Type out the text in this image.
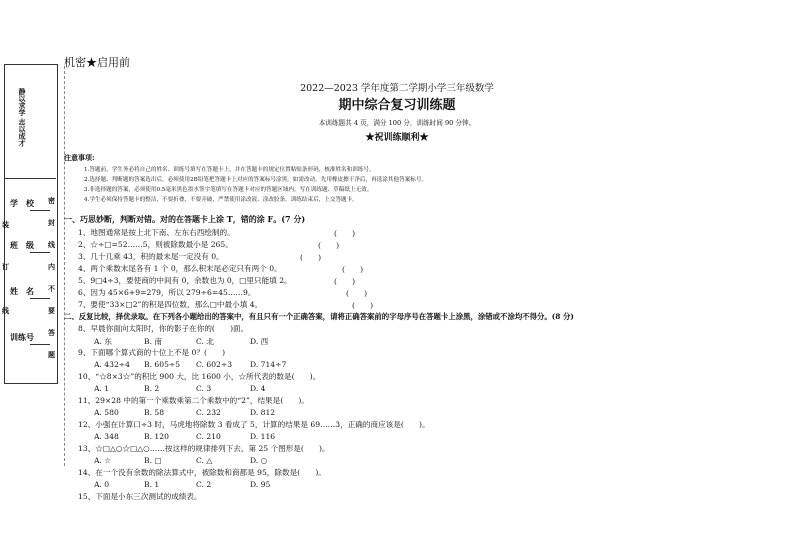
静以求学 志以成才
学　校
班　级
姓　名
训练号
装
订
线
密
封
线
内
不
要
答
题
机密★启用前
2022—2023 学年度第二学期小学三年级数学
期中综合复习训练题
本训练题共 4 页，满分 100 分，训练时间 90 分钟。
★祝训练顺利★
注意事项:
1.答题前，学生务必将自己的姓名、训练号填写在答题卡上，并在答题卡的规定位置粘贴条形码，核准姓名和训练号。
2.选择题、判断题的答案选出后，必须使用2B铅笔把答题卡上对应的答案标号涂黑。如需改动，先用橡皮擦干净后，再选涂其他答案标号。
3.非选择题的答案，必须使用0.5毫米黑色墨水签字笔填写在答题卡对应的答题区域内，写在训练题、草稿纸上无效。
4.学生必须保持答题卡的整洁，不要折叠、不要弄破，严禁使用涂改液、涂改胶条。训练结束后，上交答题卡。
一、巧思妙断，判断对错。对的在答题卡上涂 T，错的涂 F。(7 分)
1、地图通常是按上北下南、左东右西绘制的。	(　　)
2、☆÷□=52……5，则被除数最小是 265。	(　　)
3、几十几乘 43，积的最末尾一定没有 0。	(　　)
4、两个乘数末尾各有 1 个 0，那么积末尾必定只有两个 0。	(　　)
5、9□4÷3，要使商的中间有 0，余数也为 0，□里只能填 2。	(　　)
6、因为 45×6+9=279，所以 279÷6=45……9。	(　　)
7、要使“33×□2”的积是四位数，那么□中最小填 4。	(　　)
二、反复比较，择优录取。在下列各小题给出的答案中，有且只有一个正确答案，请将正确答案前的字母序号在答题卡上涂黑，涂错或不涂均不得分。(8 分)
8、早晨你面向太阳时，你的影子在你的(　　)面。
A. 东	B. 南	C. 北	D. 西
9、下面哪个算式商的十位上不是 0？(　　)
A. 432÷4 B. 605÷5 C. 602÷3 D. 714÷7
10、“☆8×3☆”的积比 900 大，比 1600 小，☆所代表的数是(　　)。
A. 1	B. 2	C. 3	D. 4
11、29×28 中的第一个乘数乘第二个乘数中的“2”，结果是(　　)。
A. 580	B. 58	C. 232	D. 812
12、小强在计算口÷3 时，马虎地将除数 3 看成了 5，计算的结果是 69……3，正确的商应该是(　　)。
A. 348	B. 120	C. 210	D. 116
13、☆□△○☆□△○……按这样的规律排列下去，第 25 个图形是(　　)。
A. ☆	B. □	C. △	D. ○
14、在一个没有余数的除法算式中，被除数和商都是 95，除数是(　　)。
A. 0	B. 1	C. 2	D. 95
15、下面是小东三次测试的成绩表。
